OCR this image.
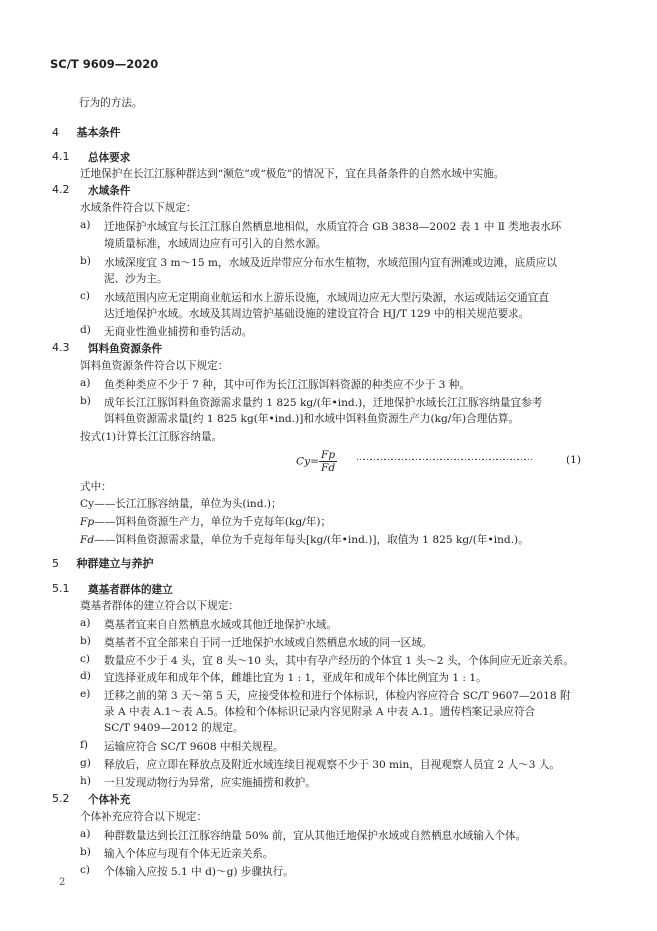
SC/T 9609—2020
行为的方法。
4 基本条件
4.1 总体要求
迁地保护在长江江豚种群达到“濒危”或“极危”的情况下，宜在具备条件的自然水域中实施。
4.2 水域条件
水域条件符合以下规定：
a) 迁地保护水域宜与长江江豚自然栖息地相似，水质宜符合 GB 3838—2002 表 1 中 Ⅱ 类地表水环
境质量标准，水域周边应有可引入的自然水源。
b) 水域深度宜 3 m～15 m，水域及近岸带应分布水生植物，水域范围内宜有洲滩或边滩，底质应以
泥、沙为主。
c) 水域范围内应无定期商业航运和水上游乐设施，水域周边应无大型污染源，水运或陆运交通宜直
达迁地保护水域。水域及其周边管护基础设施的建设宜符合 HJ/T 129 中的相关规范要求。
d) 无商业性渔业捕捞和垂钓活动。
4.3 饵料鱼资源条件
饵料鱼资源条件符合以下规定：
a) 鱼类种类应不少于 7 种，其中可作为长江江豚饵料资源的种类应不少于 3 种。
b) 成年长江江豚饵料鱼资源需求量约 1 825 kg/(年•ind.)，迁地保护水域长江江豚容纳量宜参考
饵料鱼资源需求量[约 1 825 kg(年•ind.)]和水域中饵料鱼资源生产力(kg/年)合理估算。
按式(1)计算长江江豚容纳量。
$Cy= \frac{Fp}{Fd}$ …………………………………………………………………	(1)
式中：
Cy——长江江豚容纳量，单位为头(ind.)；
Fp——饵料鱼资源生产力，单位为千克每年(kg/年)；
Fd——饵料鱼资源需求量，单位为千克每年每头[kg/(年•ind.)]，取值为 1 825 kg/(年•ind.)。
5 种群建立与养护
5.1 奠基者群体的建立
奠基者群体的建立符合以下规定：
a) 奠基者宜来自自然栖息水域或其他迁地保护水域。
b) 奠基者不宜全部来自于同一迁地保护水域或自然栖息水域的同一区域。
c) 数量应不少于 4 头，宜 8 头～10 头，其中有孕产经历的个体宜 1 头～2 头，个体间应无近亲关系。
d) 宜选择亚成年和成年个体，雌雄比宜为 1 : 1，亚成年和成年个体比例宜为 1 : 1。
e) 迁移之前的第 3 天～第 5 天，应接受体检和进行个体标识，体检内容应符合 SC/T 9607—2018 附
录 A 中表 A.1～表 A.5。体检和个体标识记录内容见附录 A 中表 A.1。遗传档案记录应符合
SC/T 9409—2012 的规定。
f) 运输应符合 SC/T 9608 中相关规程。
g) 释放后，应立即在释放点及附近水域连续目视观察不少于 30 min，目视观察人员宜 2 人～3 人。
h) 一旦发现动物行为异常，应实施捕捞和救护。
5.2 个体补充
个体补充应符合以下规定：
a) 种群数量达到长江江豚容纳量 50% 前，宜从其他迁地保护水域或自然栖息水域输入个体。
b) 输入个体应与现有个体无近亲关系。
c) 个体输入应按 5.1 中 d)～g) 步骤执行。
2
